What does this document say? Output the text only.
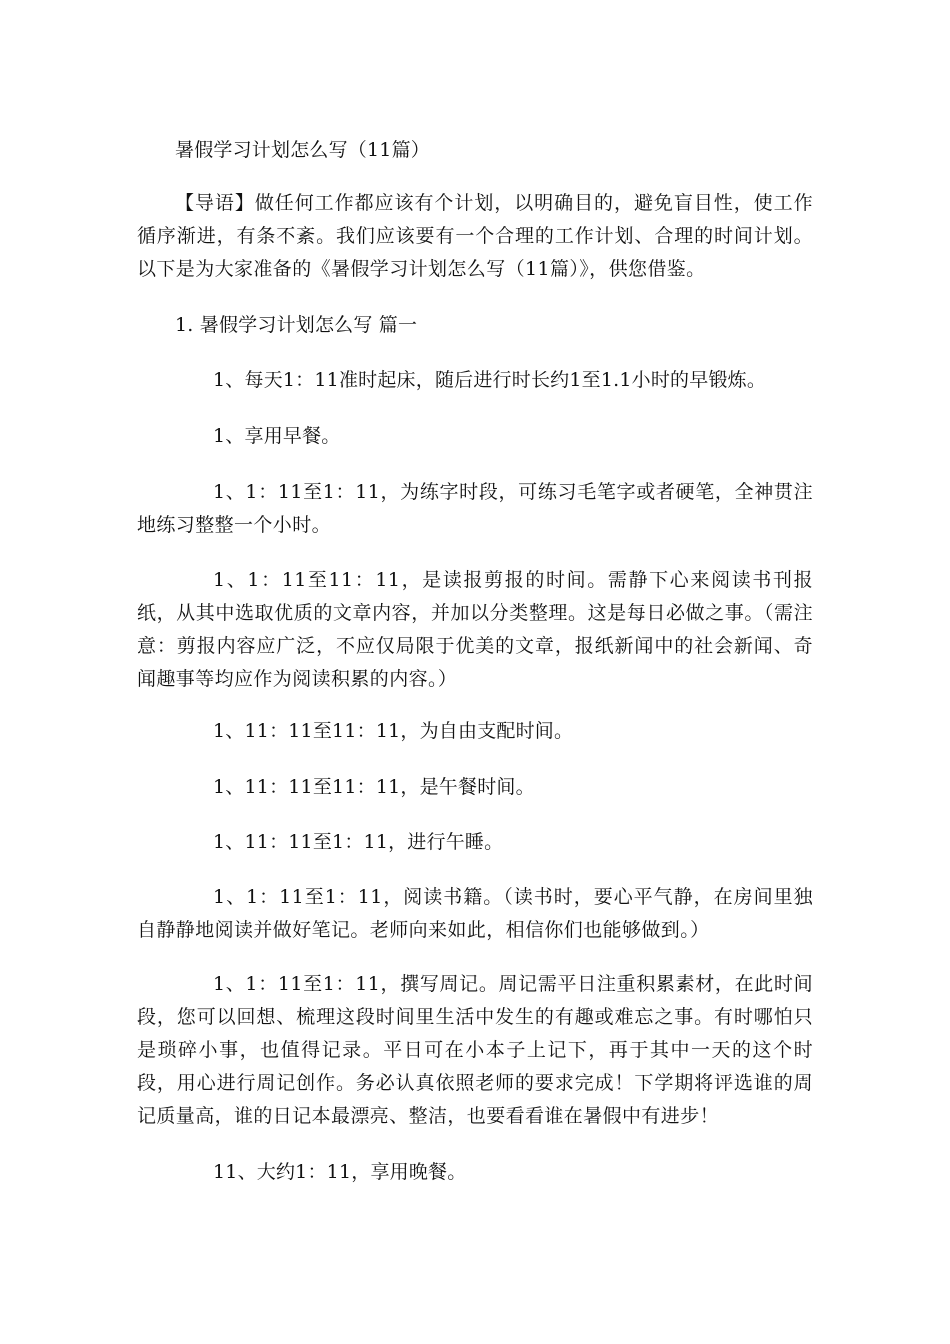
暑假学习计划怎么写（11篇）
【导语】做任何工作都应该有个计划，以明确目的，避免盲目性，使工作循序渐进，有条不紊。我们应该要有一个合理的工作计划、合理的时间计划。以下是为大家准备的《暑假学习计划怎么写（11篇）》，供您借鉴。
1. 暑假学习计划怎么写 篇一
1、每天1：11准时起床，随后进行时长约1至1.1小时的早锻炼。
1、享用早餐。
1、1：11至1：11，为练字时段，可练习毛笔字或者硬笔，全神贯注地练习整整一个小时。
1、1：11至11：11，是读报剪报的时间。需静下心来阅读书刊报纸，从其中选取优质的文章内容，并加以分类整理。这是每日必做之事。（需注意：剪报内容应广泛，不应仅局限于优美的文章，报纸新闻中的社会新闻、奇闻趣事等均应作为阅读积累的内容。）
1、11：11至11：11，为自由支配时间。
1、11：11至11：11，是午餐时间。
1、11：11至1：11，进行午睡。
1、1：11至1：11，阅读书籍。（读书时，要心平气静，在房间里独自静静地阅读并做好笔记。老师向来如此，相信你们也能够做到。）
1、1：11至1：11，撰写周记。周记需平日注重积累素材，在此时间段，您可以回想、梳理这段时间里生活中发生的有趣或难忘之事。有时哪怕只是琐碎小事，也值得记录。平日可在小本子上记下，再于其中一天的这个时段，用心进行周记创作。务必认真依照老师的要求完成！下学期将评选谁的周记质量高，谁的日记本最漂亮、整洁，也要看看谁在暑假中有进步！
11、大约1：11，享用晚餐。
